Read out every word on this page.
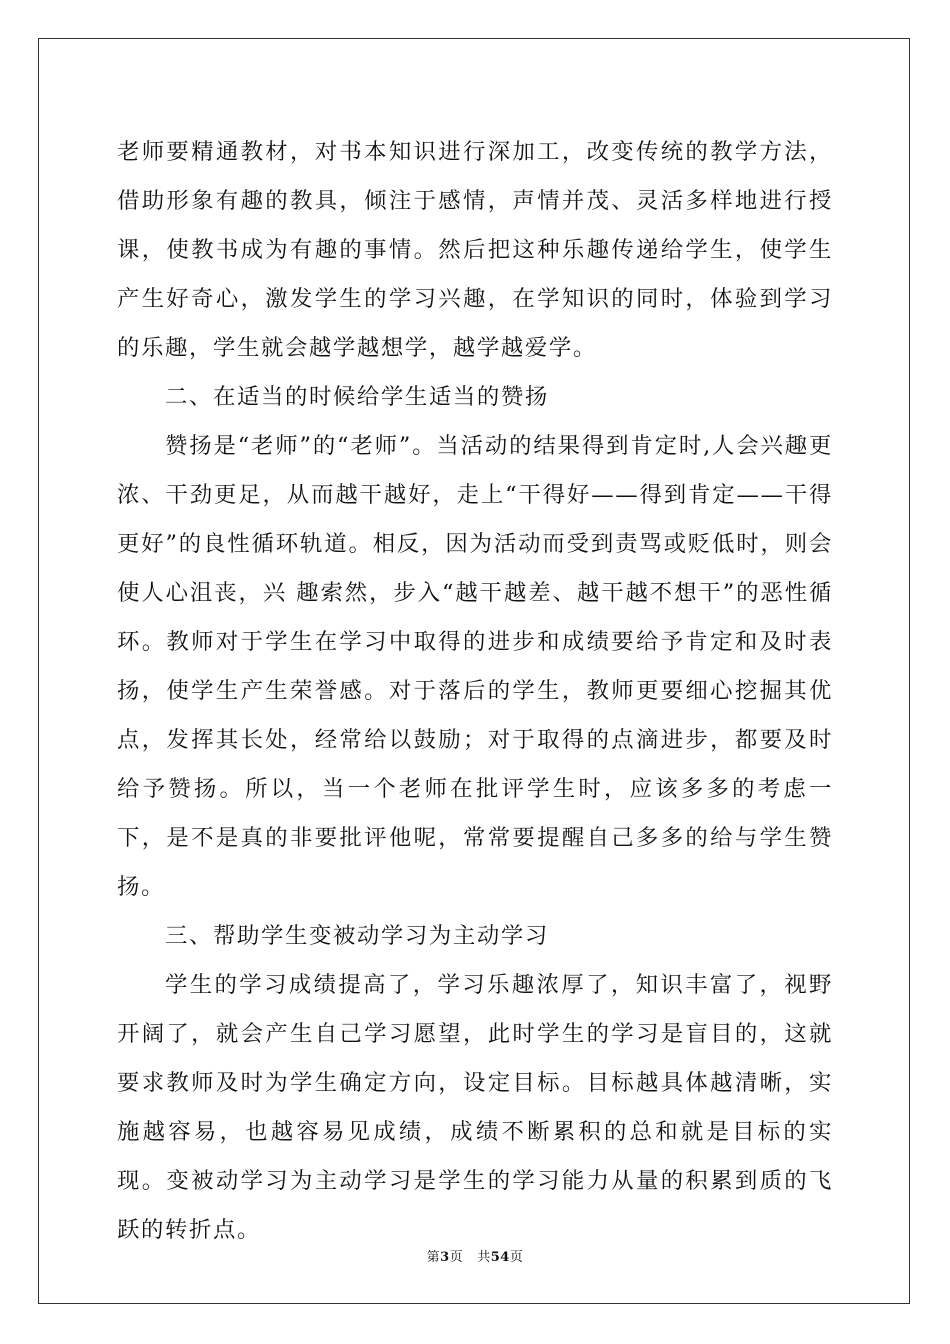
老师要精通教材，对书本知识进行深加工，改变传统的教学方法，借助形象有趣的教具，倾注于感情，声情并茂、灵活多样地进行授课，使教书成为有趣的事情。然后把这种乐趣传递给学生，使学生产生好奇心，激发学生的学习兴趣，在学知识的同时，体验到学习的乐趣，学生就会越学越想学，越学越爱学。

二、在适当的时候给学生适当的赞扬

赞扬是“老师”的“老师”。当活动的结果得到肯定时,人会兴趣更浓、干劲更足，从而越干越好，走上“干得好——得到肯定——干得更好”的良性循环轨道。相反，因为活动而受到责骂或贬低时，则会使人心沮丧，兴 趣索然，步入“越干越差、越干越不想干”的恶性循环。教师对于学生在学习中取得的进步和成绩要给予肯定和及时表扬，使学生产生荣誉感。对于落后的学生，教师更要细心挖掘其优点，发挥其长处，经常给以鼓励；对于取得的点滴进步，都要及时给予赞扬。所以，当一个老师在批评学生时，应该多多的考虑一下，是不是真的非要批评他呢，常常要提醒自己多多的给与学生赞扬。

三、帮助学生变被动学习为主动学习

学生的学习成绩提高了，学习乐趣浓厚了，知识丰富了，视野开阔了，就会产生自己学习愿望，此时学生的学习是盲目的，这就要求教师及时为学生确定方向，设定目标。目标越具体越清晰，实施越容易，也越容易见成绩，成绩不断累积的总和就是目标的实现。变被动学习为主动学习是学生的学习能力从量的积累到质的飞跃的转折点。

第3页 共54页
